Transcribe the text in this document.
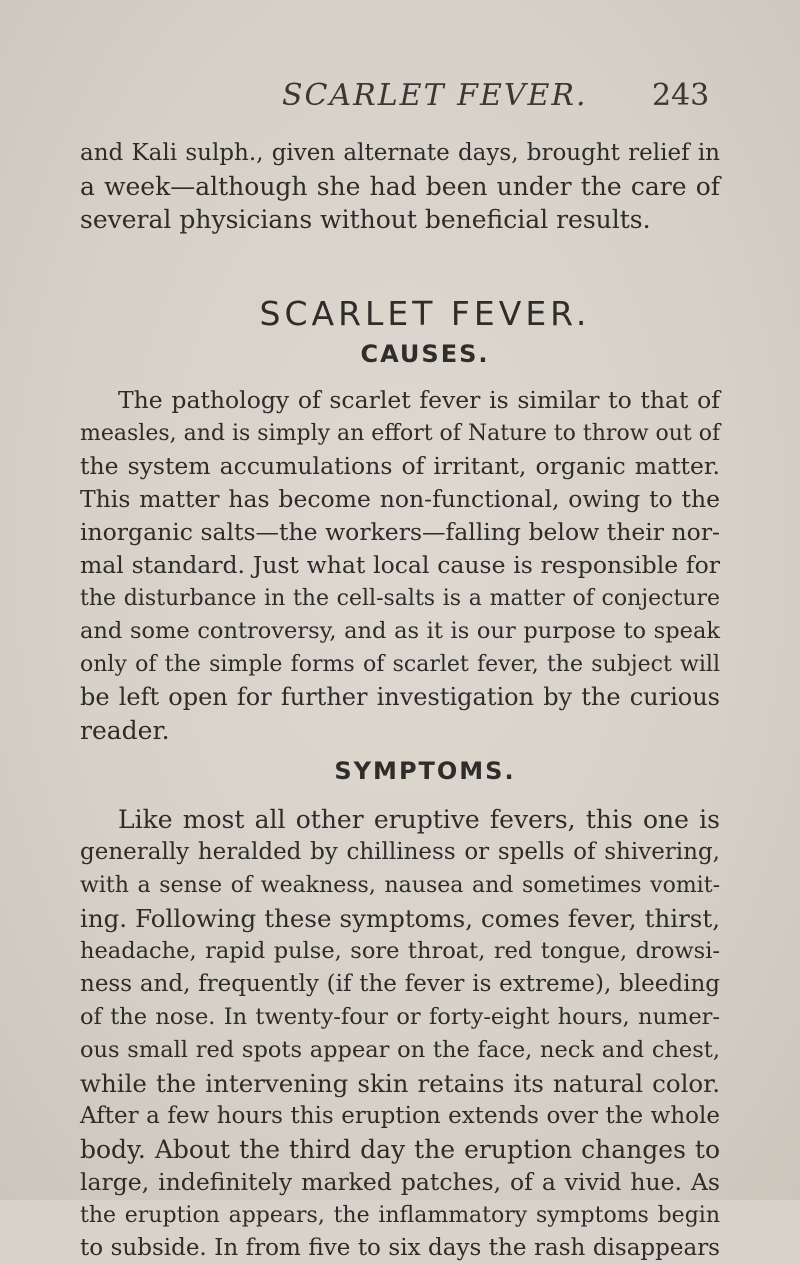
SCARLET FEVER. 243
and Kali sulph., given alternate days, brought relief in
a week—although she had been under the care of
several physicians without beneficial results.
SCARLET FEVER.
CAUSES.
The pathology of scarlet fever is similar to that of
measles, and is simply an effort of Nature to throw out of
the system accumulations of irritant, organic matter.
This matter has become non-functional, owing to the
inorganic salts—the workers—falling below their nor-
mal standard. Just what local cause is responsible for
the disturbance in the cell-salts is a matter of conjecture
and some controversy, and as it is our purpose to speak
only of the simple forms of scarlet fever, the subject will
be left open for further investigation by the curious
reader.
SYMPTOMS.
Like most all other eruptive fevers, this one is
generally heralded by chilliness or spells of shivering,
with a sense of weakness, nausea and sometimes vomit-
ing. Following these symptoms, comes fever, thirst,
headache, rapid pulse, sore throat, red tongue, drowsi-
ness and, frequently (if the fever is extreme), bleeding
of the nose. In twenty-four or forty-eight hours, numer-
ous small red spots appear on the face, neck and chest,
while the intervening skin retains its natural color.
After a few hours this eruption extends over the whole
body. About the third day the eruption changes to
large, indefinitely marked patches, of a vivid hue. As
the eruption appears, the inflammatory symptoms begin
to subside. In from five to six days the rash disappears
